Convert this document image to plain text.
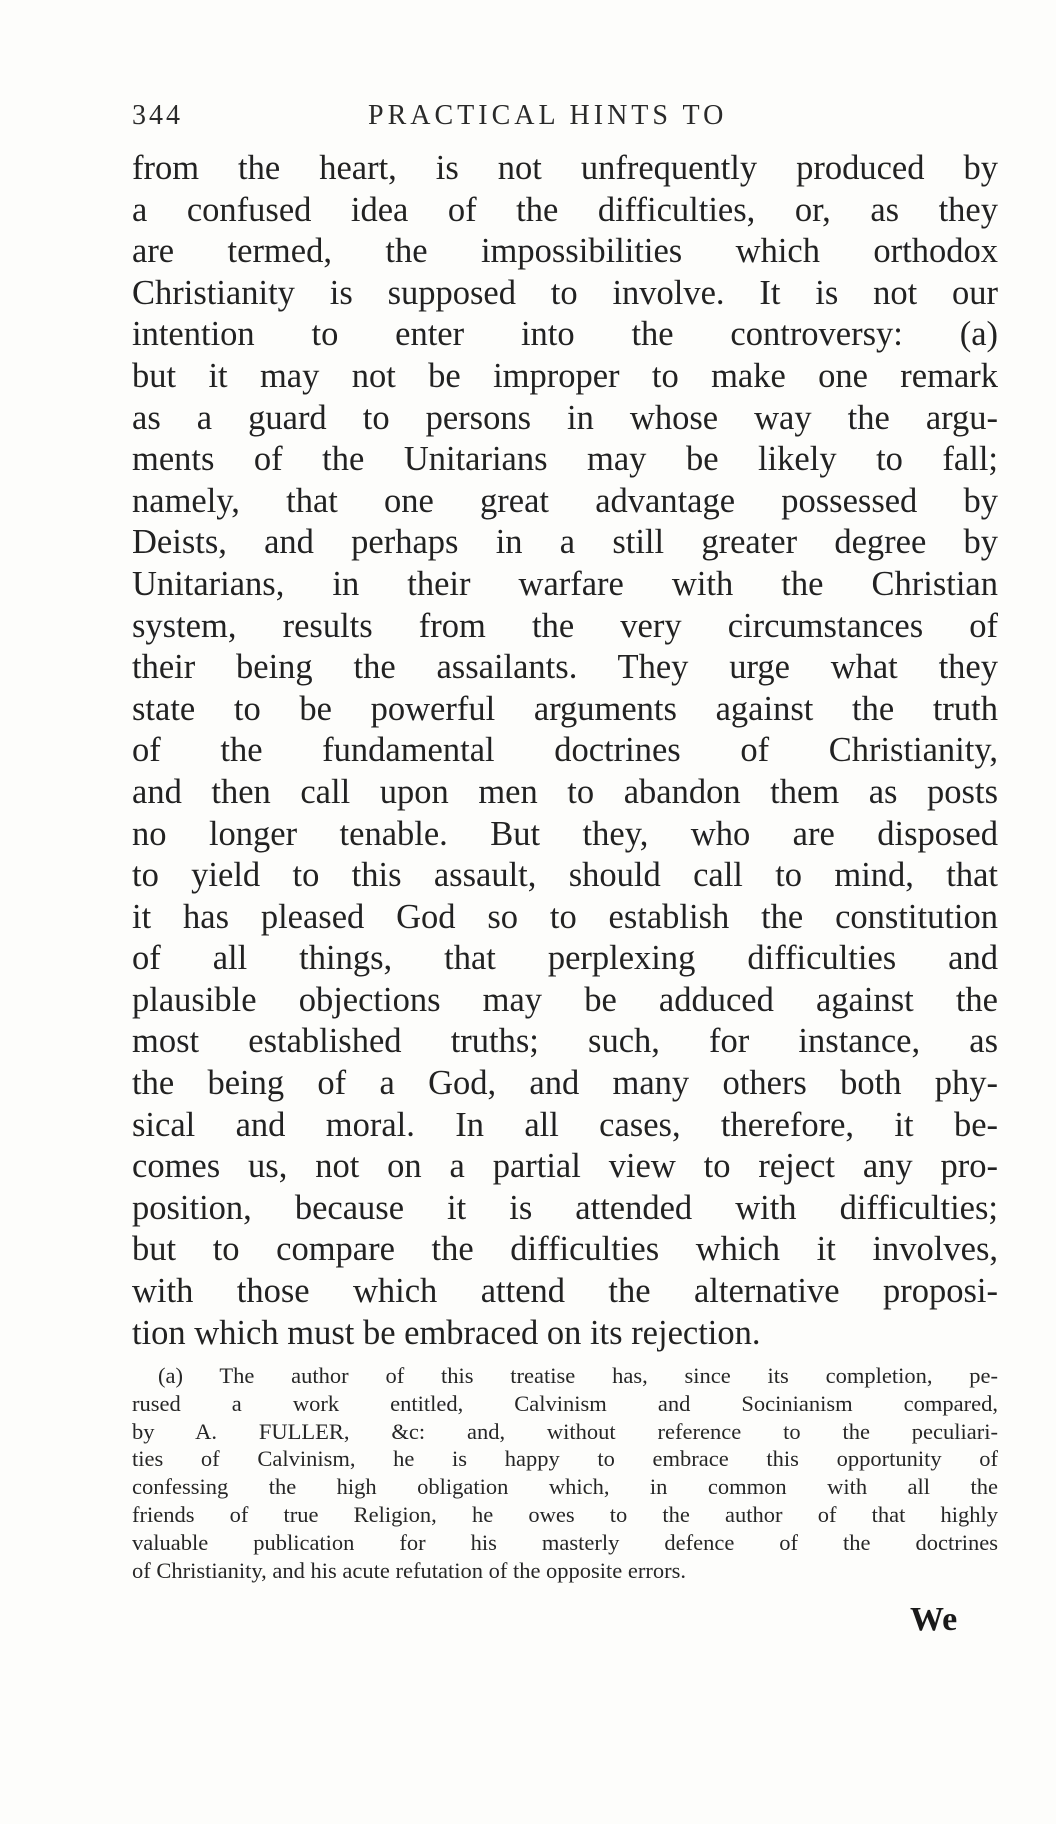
344	PRACTICAL HINTS TO
from the heart, is not unfrequently produced by
a confused idea of the difficulties, or, as they
are termed, the impossibilities which orthodox
Christianity is supposed to involve. It is not our
intention to enter into the controversy: (a)
but it may not be improper to make one remark
as a guard to persons in whose way the argu-
ments of the Unitarians may be likely to fall;
namely, that one great advantage possessed by
Deists, and perhaps in a still greater degree by
Unitarians, in their warfare with the Christian
system, results from the very circumstances of
their being the assailants. They urge what they
state to be powerful arguments against the truth
of the fundamental doctrines of Christianity,
and then call upon men to abandon them as posts
no longer tenable. But they, who are disposed
to yield to this assault, should call to mind, that
it has pleased God so to establish the constitution
of all things, that perplexing difficulties and
plausible objections may be adduced against the
most established truths; such, for instance, as
the being of a God, and many others both phy-
sical and moral. In all cases, therefore, it be-
comes us, not on a partial view to reject any pro-
position, because it is attended with difficulties;
but to compare the difficulties which it involves,
with those which attend the alternative proposi-
tion which must be embraced on its rejection.
(a) The author of this treatise has, since its completion, pe-
rused a work entitled, Calvinism and Socinianism compared,
by A. FULLER, &c: and, without reference to the peculiari-
ties of Calvinism, he is happy to embrace this opportunity of
confessing the high obligation which, in common with all the
friends of true Religion, he owes to the author of that highly
valuable publication for his masterly defence of the doctrines
of Christianity, and his acute refutation of the opposite errors.
We
